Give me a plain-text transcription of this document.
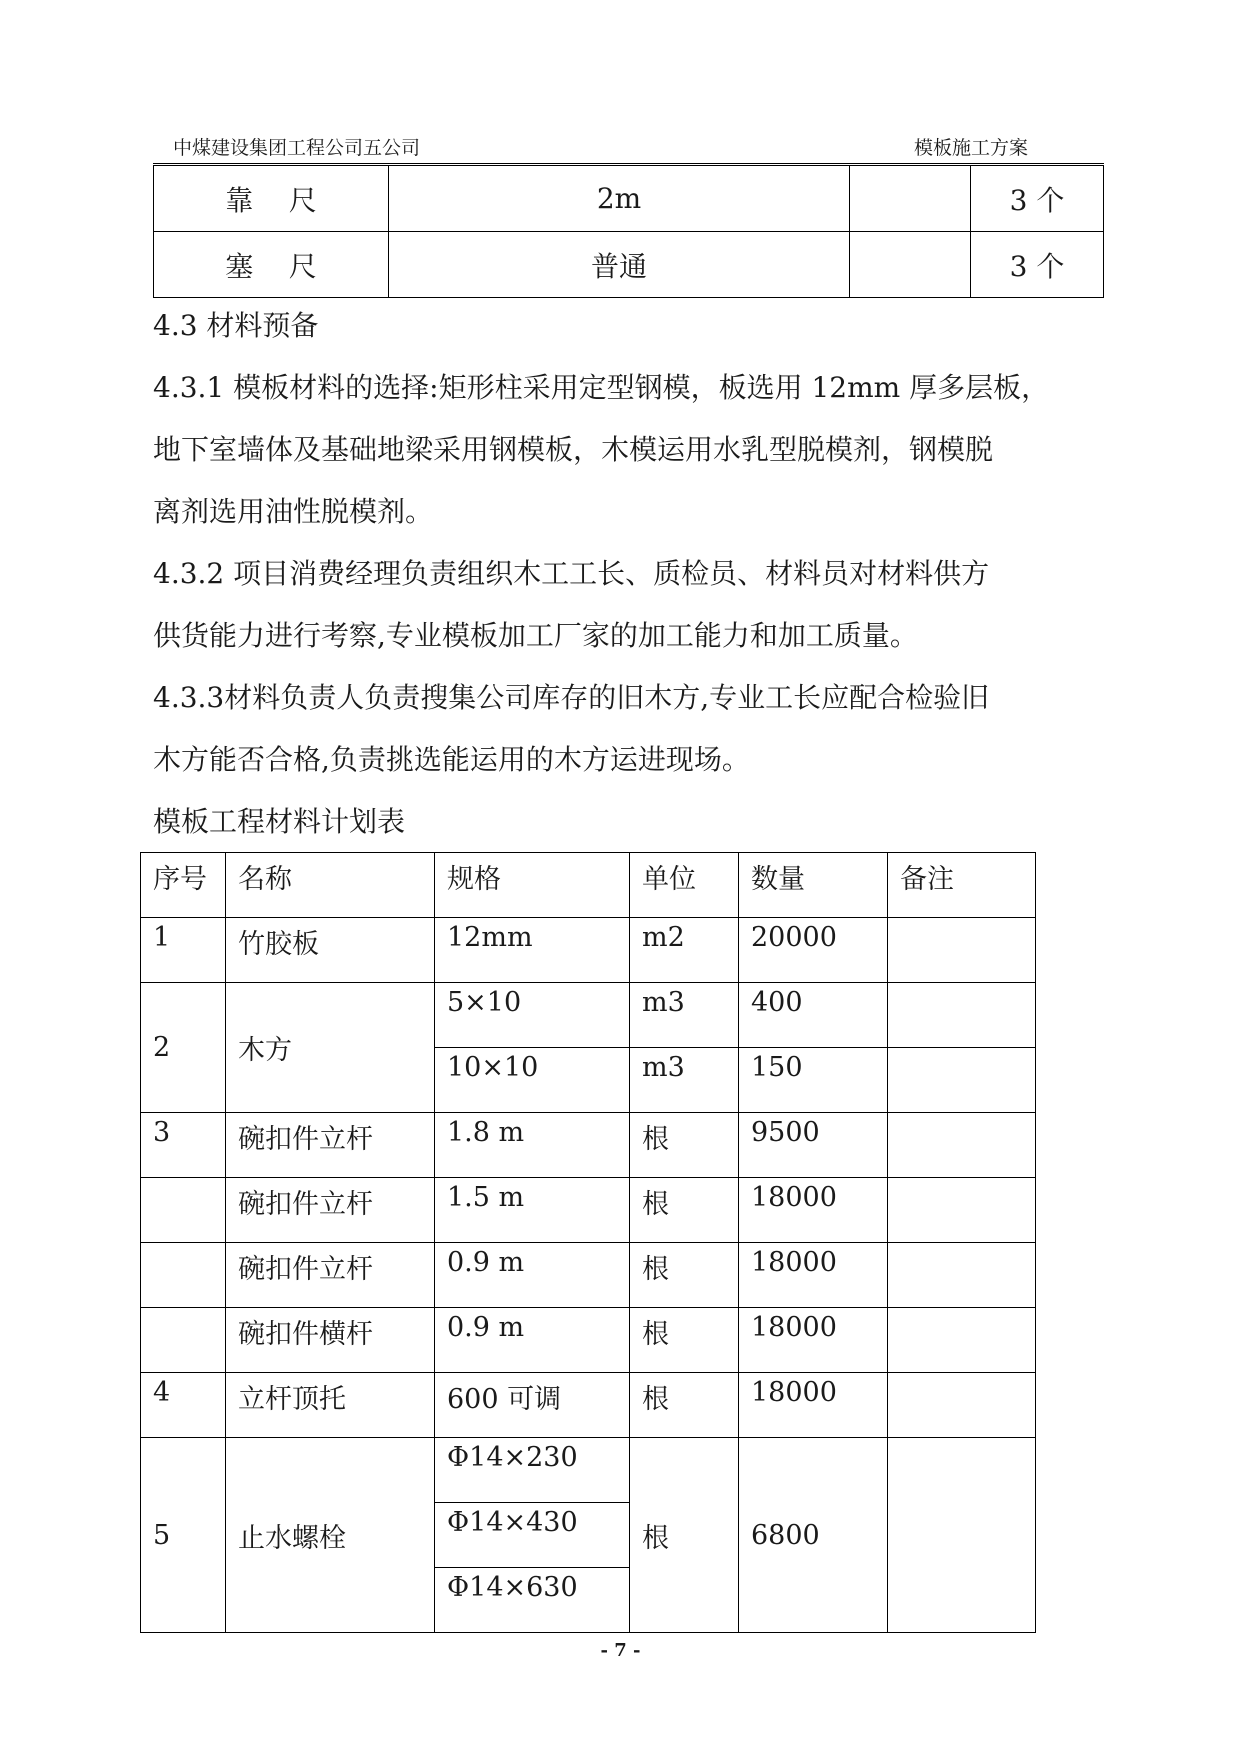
中煤建设集团工程公司五公司	模板施工方案
靠    尺	2m		3 个
塞    尺	普通		3 个
4.3 材料预备
4.3.1 模板材料的选择:矩形柱采用定型钢模，板选用 12mm 厚多层板，
地下室墙体及基础地梁采用钢模板，木模运用水乳型脱模剂，钢模脱
离剂选用油性脱模剂。
4.3.2 项目消费经理负责组织木工工长、质检员、材料员对材料供方
供货能力进行考察,专业模板加工厂家的加工能力和加工质量。
4.3.3材料负责人负责搜集公司库存的旧木方,专业工长应配合检验旧
木方能否合格,负责挑选能运用的木方运进现场。
模板工程材料计划表
序号	名称	规格	单位	数量	备注
1	竹胶板	12mm	m2	20000	
2	木方	5×10	m3	400	
		10×10	m3	150	
3	碗扣件立杆	1.8 m	根	9500	
	碗扣件立杆	1.5 m	根	18000	
	碗扣件立杆	0.9 m	根	18000	
	碗扣件横杆	0.9 m	根	18000	
4	立杆顶托	600 可调	根	18000	
5	止水螺栓	Φ14×230	根	6800	
		Φ14×430			
		Φ14×630			
- 7 -
